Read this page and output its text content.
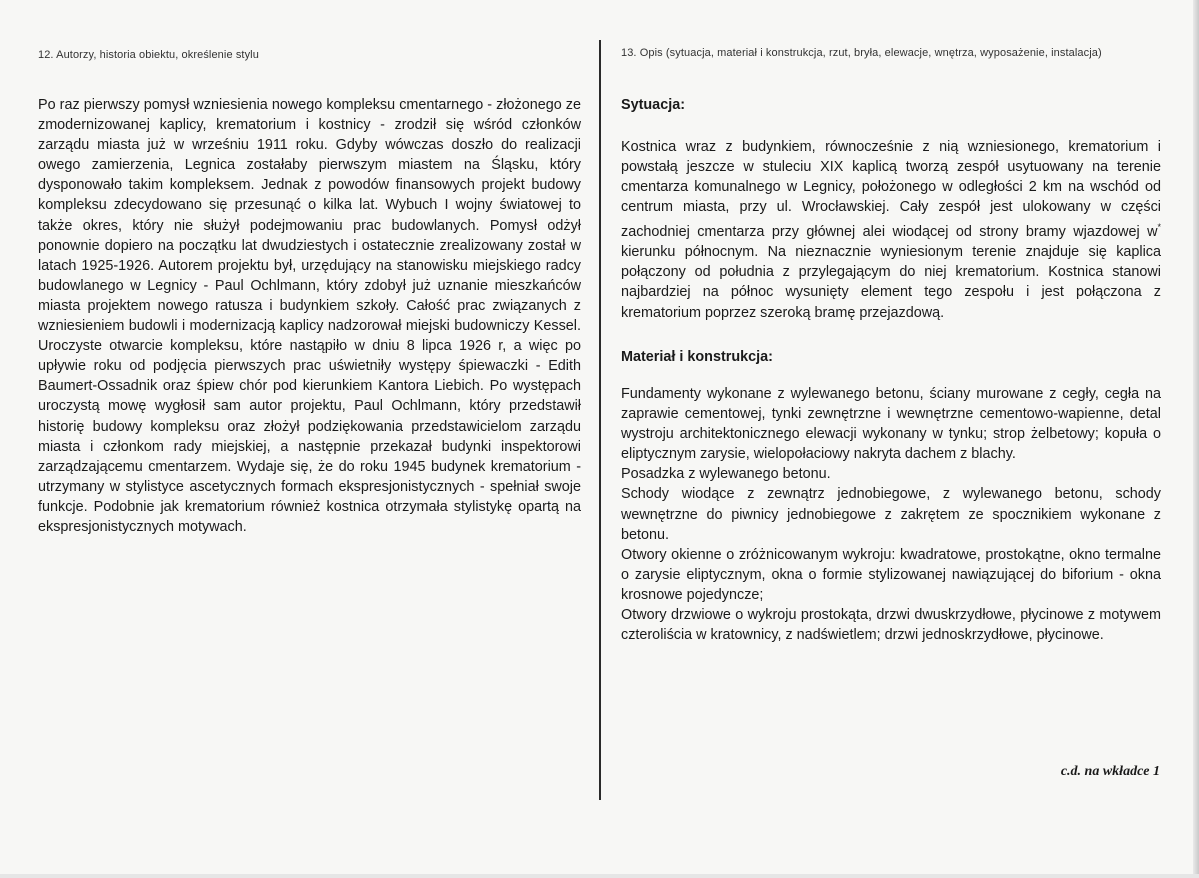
12. Autorzy, historia obiektu, określenie stylu

Po raz pierwszy pomysł wzniesienia nowego kompleksu cmentarnego - złożonego ze zmodernizowanej kaplicy, krematorium i kostnicy - zrodził się wśród członków zarządu miasta już w wrześniu 1911 roku. Gdyby wówczas doszło do realizacji owego zamierzenia, Legnica zostałaby pierwszym miastem na Śląsku, który dysponowało takim kompleksem. Jednak z powodów finansowych projekt budowy kompleksu zdecydowano się przesunąć o kilka lat. Wybuch I wojny światowej to także okres, który nie służył podejmowaniu prac budowlanych. Pomysł odżył ponownie dopiero na początku lat dwudziestych i ostatecznie zrealizowany został w latach 1925-1926. Autorem projektu był, urzędujący na stanowisku miejskiego radcy budowlanego w Legnicy - Paul Ochlmann, który zdobył już uznanie mieszkańców miasta projektem nowego ratusza i budynkiem szkoły. Całość prac związanych z wzniesieniem budowli i modernizacją kaplicy nadzorował miejski budowniczy Kessel. Uroczyste otwarcie kompleksu, które nastąpiło w dniu 8 lipca 1926 r, a więc po upływie roku od podjęcia pierwszych prac uświetniły występy śpiewaczki - Edith Baumert-Ossadnik oraz śpiew chór pod kierunkiem Kantora Liebich. Po występach uroczystą mowę wygłosił sam autor projektu, Paul Ochlmann, który przedstawił historię budowy kompleksu oraz złożył podziękowania przedstawicielom zarządu miasta i członkom rady miejskiej, a następnie przekazał budynki inspektorowi zarządzającemu cmentarzem. Wydaje się, że do roku 1945 budynek krematorium - utrzymany w stylistyce ascetycznych formach ekspresjonistycznych - spełniał swoje funkcje. Podobnie jak krematorium również kostnica otrzymała stylistykę opartą na ekspresjonistycznych motywach.

13. Opis (sytuacja, materiał i konstrukcja, rzut, bryła, elewacje, wnętrza, wyposażenie, instalacja)
Sytuacja:

Kostnica wraz z budynkiem, równocześnie z nią wzniesionego, krematorium i powstałą jeszcze w stuleciu XIX kaplicą tworzą zespół usytuowany na terenie cmentarza komunalnego w Legnicy, położonego w odległości 2 km na wschód od centrum miasta, przy ul. Wrocławskiej. Cały zespół jest ulokowany w części zachodniej cmentarza przy głównej alei wiodącej od strony bramy wjazdowej w* kierunku północnym. Na nieznacznie wyniesionym terenie znajduje się kaplica połączony od południa z przylegającym do niej krematorium. Kostnica stanowi najbardziej na północ wysunięty element tego zespołu i jest połączona z krematorium poprzez szeroką bramę przejazdową.

Materiał i konstrukcja:

Fundamenty wykonane z wylewanego betonu, ściany murowane z cegły, cegła na zaprawie cementowej, tynki zewnętrzne i wewnętrzne cementowo-wapienne, detal wystroju architektonicznego elewacji wykonany w tynku; strop żelbetowy; kopuła o eliptycznym zarysie, wielopołaciowy nakryta dachem z blachy.

Posadzka z wylewanego betonu.

Schody wiodące z zewnątrz jednobiegowe, z wylewanego betonu, schody wewnętrzne do piwnicy jednobiegowe z zakrętem ze spocznikiem wykonane z betonu.

Otwory okienne o zróżnicowanym wykroju: kwadratowe, prostokątne, okno termalne o zarysie eliptycznym, okna o formie stylizowanej nawiązującej do biforium - okna krosnowe pojedyncze;

Otwory drzwiowe o wykroju prostokąta, drzwi dwuskrzydłowe, płycinowe z motywem czteroliścia w kratownicy, z nadświetlem; drzwi jednoskrzydłowe, płycinowe.

c.d. na wkładce 1
